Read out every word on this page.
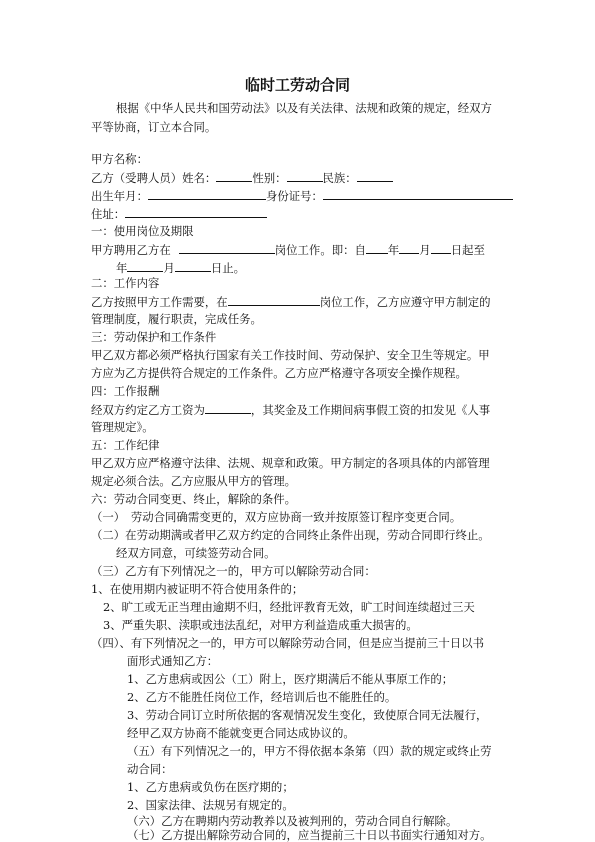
临时工劳动合同
根据《中华人民共和国劳动法》以及有关法律、法规和政策的规定，经双方
平等协商，订立本合同。
甲方名称：
乙方（受聘人员）姓名：	性别：	民族：
出生年月：	身份证号：
住址：
一：使用岗位及期限
甲方聘用乙方在	岗位工作。即：自 年 月 日起至
年	月	日止。
二：工作内容
乙方按照甲方工作需要，在	岗位工作，乙方应遵守甲方制定的
管理制度，履行职责，完成任务。
三：劳动保护和工作条件
甲乙双方都必须严格执行国家有关工作技时间、劳动保护、安全卫生等规定。甲
方应为乙方提供符合规定的工作条件。乙方应严格遵守各项安全操作规程。
四：工作报酬
经双方约定乙方工资为	，其奖金及工作期间病事假工资的扣发见《人事
管理规定》。
五：工作纪律
甲乙双方应严格遵守法律、法规、规章和政策。甲方制定的各项具体的内部管理
规定必须合法。乙方应服从甲方的管理。
六：劳动合同变更、终止，解除的条件。
（一）　劳动合同确需变更的，双方应协商一致并按原签订程序变更合同。
（二）在劳动期满或者甲乙双方约定的合同终止条件出现，劳动合同即行终止。
经双方同意，可续签劳动合同。
（三）乙方有下列情况之一的，甲方可以解除劳动合同：
1、在使用期内被证明不符合使用条件的；
2、旷工或无正当理由逾期不归，经批评教育无效，旷工时间连续超过三天
3、严重失职、渎职或违法乱纪，对甲方利益造成重大损害的。
（四）、有下列情况之一的，甲方可以解除劳动合同，但是应当提前三十日以书
面形式通知乙方：
1、乙方患病或因公（工）附上，医疗期满后不能从事原工作的；
2、乙方不能胜任岗位工作，经培训后也不能胜任的。
3、劳动合同订立时所依据的客观情况发生变化，致使原合同无法履行，
经甲乙双方协商不能就变更合同达成协议的。
（五）有下列情况之一的，甲方不得依据本条第（四）款的规定或终止劳
动合同：
1、乙方患病或负伤在医疗期的；
2、国家法律、法规另有规定的。
（六）乙方在聘期内劳动教养以及被判刑的，劳动合同自行解除。
（七）乙方提出解除劳动合同的，应当提前三十日以书面实行通知对方。
